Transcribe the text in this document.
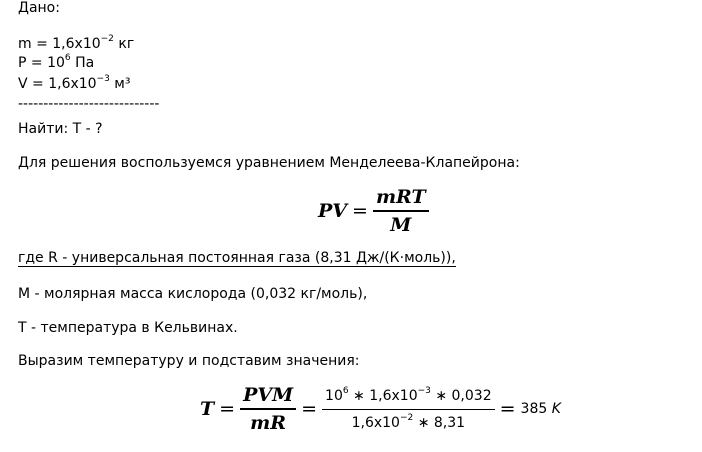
Дано:
$m = 1,6x10^{-2}$ кг
$P = 10^6$ Па
$V = 1,6x10^{-3}$ м³
----------------------------
Найти: T - ?
Для решения воспользуемся уравнением Менделеева-Клапейрона:
PV = $\frac{\text{mRT}}{M}$
где R - универсальная постоянная газа (8,31 Дж/(К·моль)),
M - молярная масса кислорода (0,032 кг/моль),
T - температура в Кельвинах.
Выразим температуру и подставим значения:
$T = \frac{\text{PVM}}{mR} = \frac{10^6 ∗ 1,6x10^{-3} ∗ 0,032}{1,6x10^{-2} ∗ 8,31} = 385$ K
